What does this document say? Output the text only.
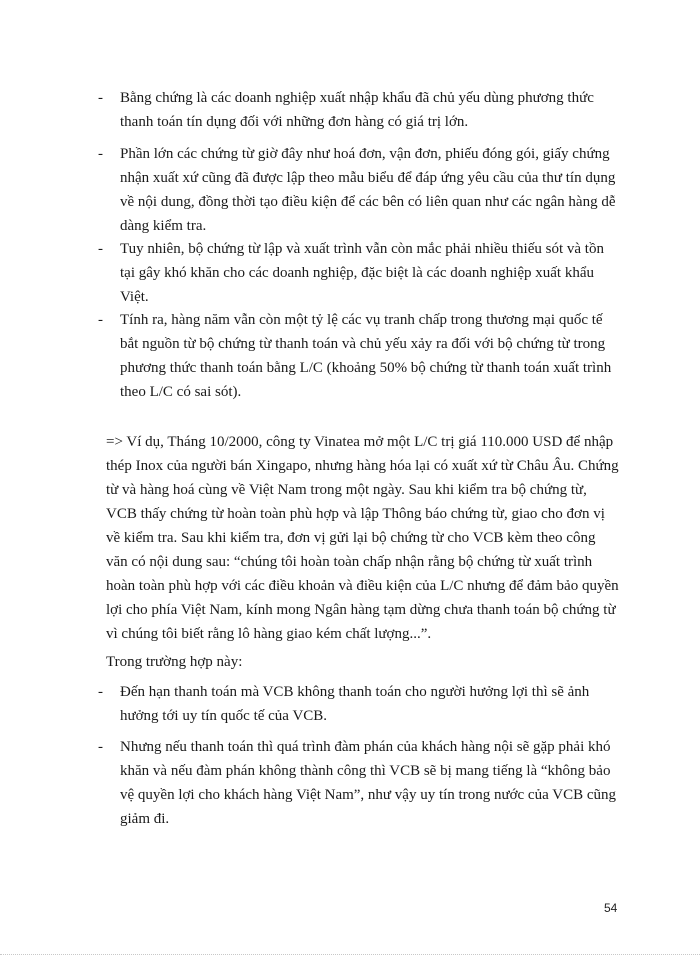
- Bằng chứng là các doanh nghiệp xuất nhập khẩu đã chủ yếu dùng phương thức thanh toán tín dụng đối với những đơn hàng có giá trị lớn.

- Phần lớn các chứng từ giờ đây như hoá đơn, vận đơn, phiếu đóng gói, giấy chứng nhận xuất xứ cũng đã được lập theo mẫu biểu để đáp ứng yêu cầu của thư tín dụng về nội dung, đồng thời tạo điều kiện để các bên có liên quan như các ngân hàng dễ dàng kiểm tra.

- Tuy nhiên, bộ chứng từ lập và xuất trình vẫn còn mắc phải nhiều thiếu sót và tồn tại gây khó khăn cho các doanh nghiệp, đặc biệt là các doanh nghiệp xuất khẩu Việt.

- Tính ra, hàng năm vẫn còn một tỷ lệ các vụ tranh chấp trong thương mại quốc tế bắt nguồn từ bộ chứng từ thanh toán và chủ yếu xảy ra đối với bộ chứng từ trong phương thức thanh toán bằng L/C (khoảng 50% bộ chứng từ thanh toán xuất trình theo L/C có sai sót).

=> Ví dụ, Tháng 10/2000, công ty Vinatea mở một L/C trị giá 110.000 USD để nhập thép Inox của người bán Xingapo, nhưng hàng hóa lại có xuất xứ từ Châu Âu. Chứng từ và hàng hoá cùng về Việt Nam trong một ngày. Sau khi kiểm tra bộ chứng từ, VCB thấy chứng từ hoàn toàn phù hợp và lập Thông báo chứng từ, giao cho đơn vị về kiểm tra. Sau khi kiểm tra, đơn vị gửi lại bộ chứng từ cho VCB kèm theo công văn có nội dung sau: “chúng tôi hoàn toàn chấp nhận rằng bộ chứng từ xuất trình hoàn toàn phù hợp với các điều khoản và điều kiện của L/C nhưng để đảm bảo quyền lợi cho phía Việt Nam, kính mong Ngân hàng tạm dừng chưa thanh toán bộ chứng từ vì chúng tôi biết rằng lô hàng giao kém chất lượng...”.

Trong trường hợp này:

- Đến hạn thanh toán mà VCB không thanh toán cho người hưởng lợi thì sẽ ảnh hưởng tới uy tín quốc tế của VCB.

- Nhưng nếu thanh toán thì quá trình đàm phán của khách hàng nội sẽ gặp phải khó khăn và nếu đàm phán không thành công thì VCB sẽ bị mang tiếng là “không bảo vệ quyền lợi cho khách hàng Việt Nam”, như vậy uy tín trong nước của VCB cũng giảm đi.

54
